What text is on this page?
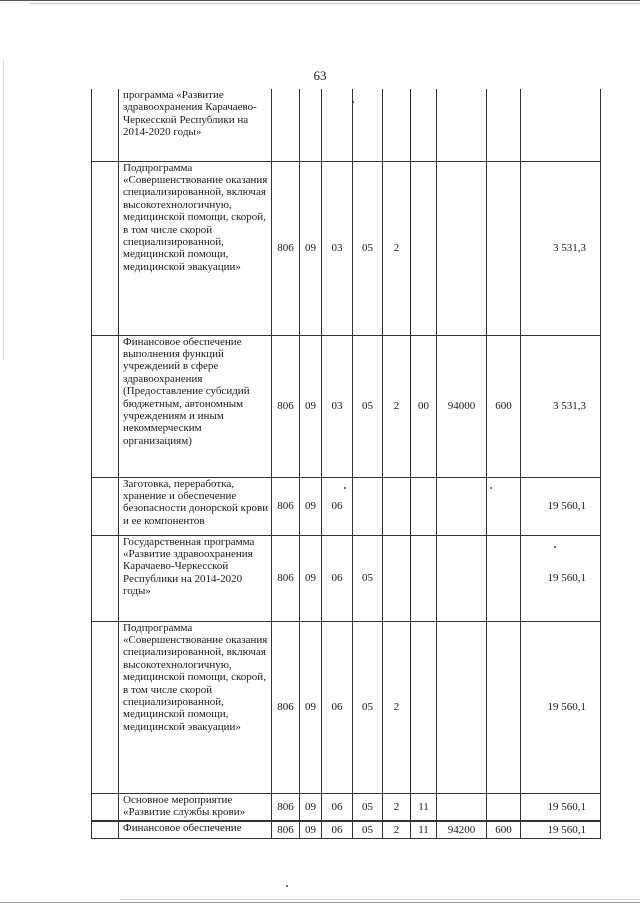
63
	программа «Развитие здравоохранения Карачаево-Черкесской Республики на 2014-2020 годы»									
	Подпрограмма «Совершенствование оказания специализированной, включая высокотехнологичную, медицинской помощи, скорой, в том числе скорой специализированной, медицинской помощи, медицинской эвакуации»	806	09	03	05	2				3 531,3
	Финансовое обеспечение выполнения функций учреждений в сфере здравоохранения (Предоставление субсидий бюджетным, автономным учреждениям и иным некоммерческим организациям)	806	09	03	05	2	00	94000	600	3 531,3
	Заготовка, переработка, хранение и обеспечение безопасности донорской крови и ее компонентов	806	09	06						19 560,1
	Государственная программа «Развитие здравоохранения Карачаево-Черкесской Республики на 2014-2020 годы»	806	09	06	05					19 560,1
	Подпрограмма «Совершенствование оказания специализированной, включая высокотехнологичную, медицинской помощи, скорой, в том числе скорой специализированной, медицинской помощи, медицинской эвакуации»	806	09	06	05	2				19 560,1
	Основное мероприятие «Развитие службы крови»	806	09	06	05	2	11			19 560,1
	Финансовое обеспечение	806	09	06	05	2	11	94200	600	19 560,1
